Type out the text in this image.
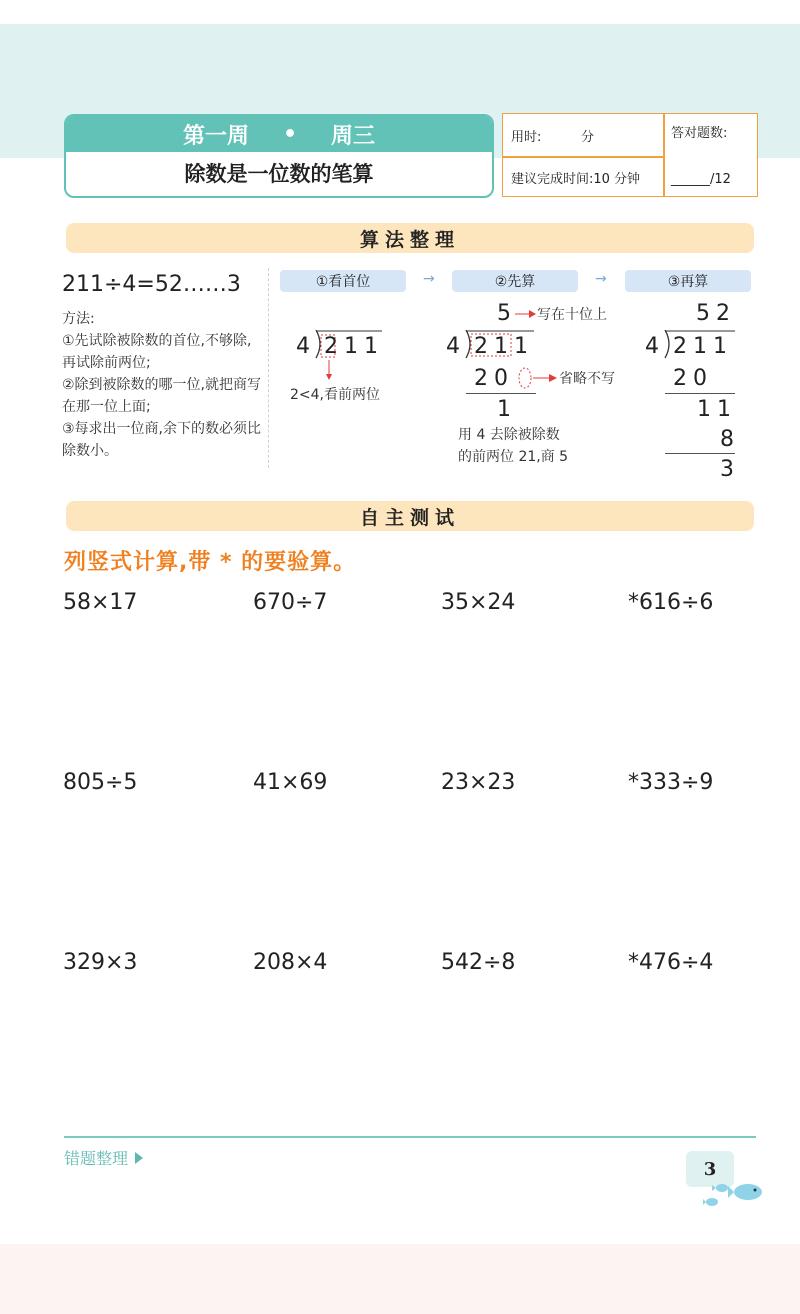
第一周 • 周三
除数是一位数的笔算
用时:	分
建议完成时间:10 分钟
答对题数:
______/12
算法整理
211÷4=52……3
方法:
①先试除被除数的首位,不够除,再试除前两位;
②除到被除数的哪一位,就把商写在那一位上面;
③每求出一位商,余下的数必须比除数小。
①看首位	→	②先算	→	③再算
4 211
2<4,看前两位
5 写在十位上
4 211
20	省略不写
1
用 4 去除被除数
的前两位 21,商 5
52
4 211
20
11
8
3
自主测试
列竖式计算,带 * 的要验算。
58×17	670÷7	35×24	*616÷6
805÷5	41×69	23×23	*333÷9
329×3	208×4	542÷8	*476÷4
错题整理	3
